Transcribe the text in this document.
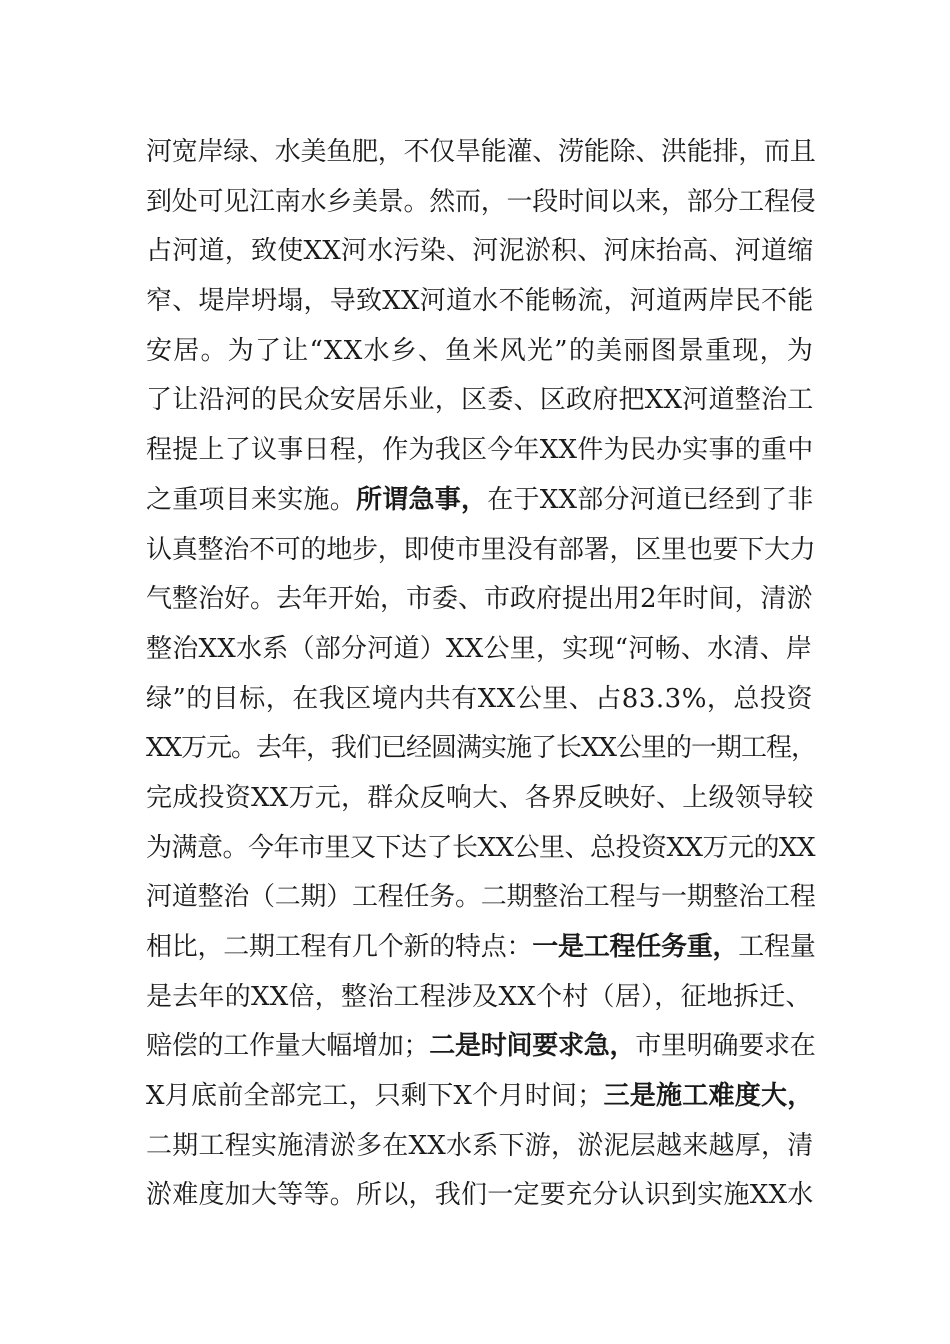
河宽岸绿、水美鱼肥，不仅旱能灌、涝能除、洪能排，而且
到处可见江南水乡美景。然而，一段时间以来，部分工程侵
占河道，致使XX河水污染、河泥淤积、河床抬高、河道缩
窄、堤岸坍塌，导致XX河道水不能畅流，河道两岸民不能
安居。为了让“XX水乡、鱼米风光”的美丽图景重现，为
了让沿河的民众安居乐业，区委、区政府把XX河道整治工
程提上了议事日程，作为我区今年XX件为民办实事的重中
之重项目来实施。所谓急事，在于XX部分河道已经到了非
认真整治不可的地步，即使市里没有部署，区里也要下大力
气整治好。去年开始，市委、市政府提出用2年时间，清淤
整治XX水系（部分河道）XX公里，实现“河畅、水清、岸
绿”的目标，在我区境内共有XX公里、占83.3%，总投资
XX万元。去年，我们已经圆满实施了长XX公里的一期工程，
完成投资XX万元，群众反响大、各界反映好、上级领导较
为满意。今年市里又下达了长XX公里、总投资XX万元的XX
河道整治（二期）工程任务。二期整治工程与一期整治工程
相比，二期工程有几个新的特点：一是工程任务重，工程量
是去年的XX倍，整治工程涉及XX个村（居），征地拆迁、
赔偿的工作量大幅增加；二是时间要求急，市里明确要求在
X月底前全部完工，只剩下X个月时间；三是施工难度大，
二期工程实施清淤多在XX水系下游，淤泥层越来越厚，清
淤难度加大等等。所以，我们一定要充分认识到实施XX水
